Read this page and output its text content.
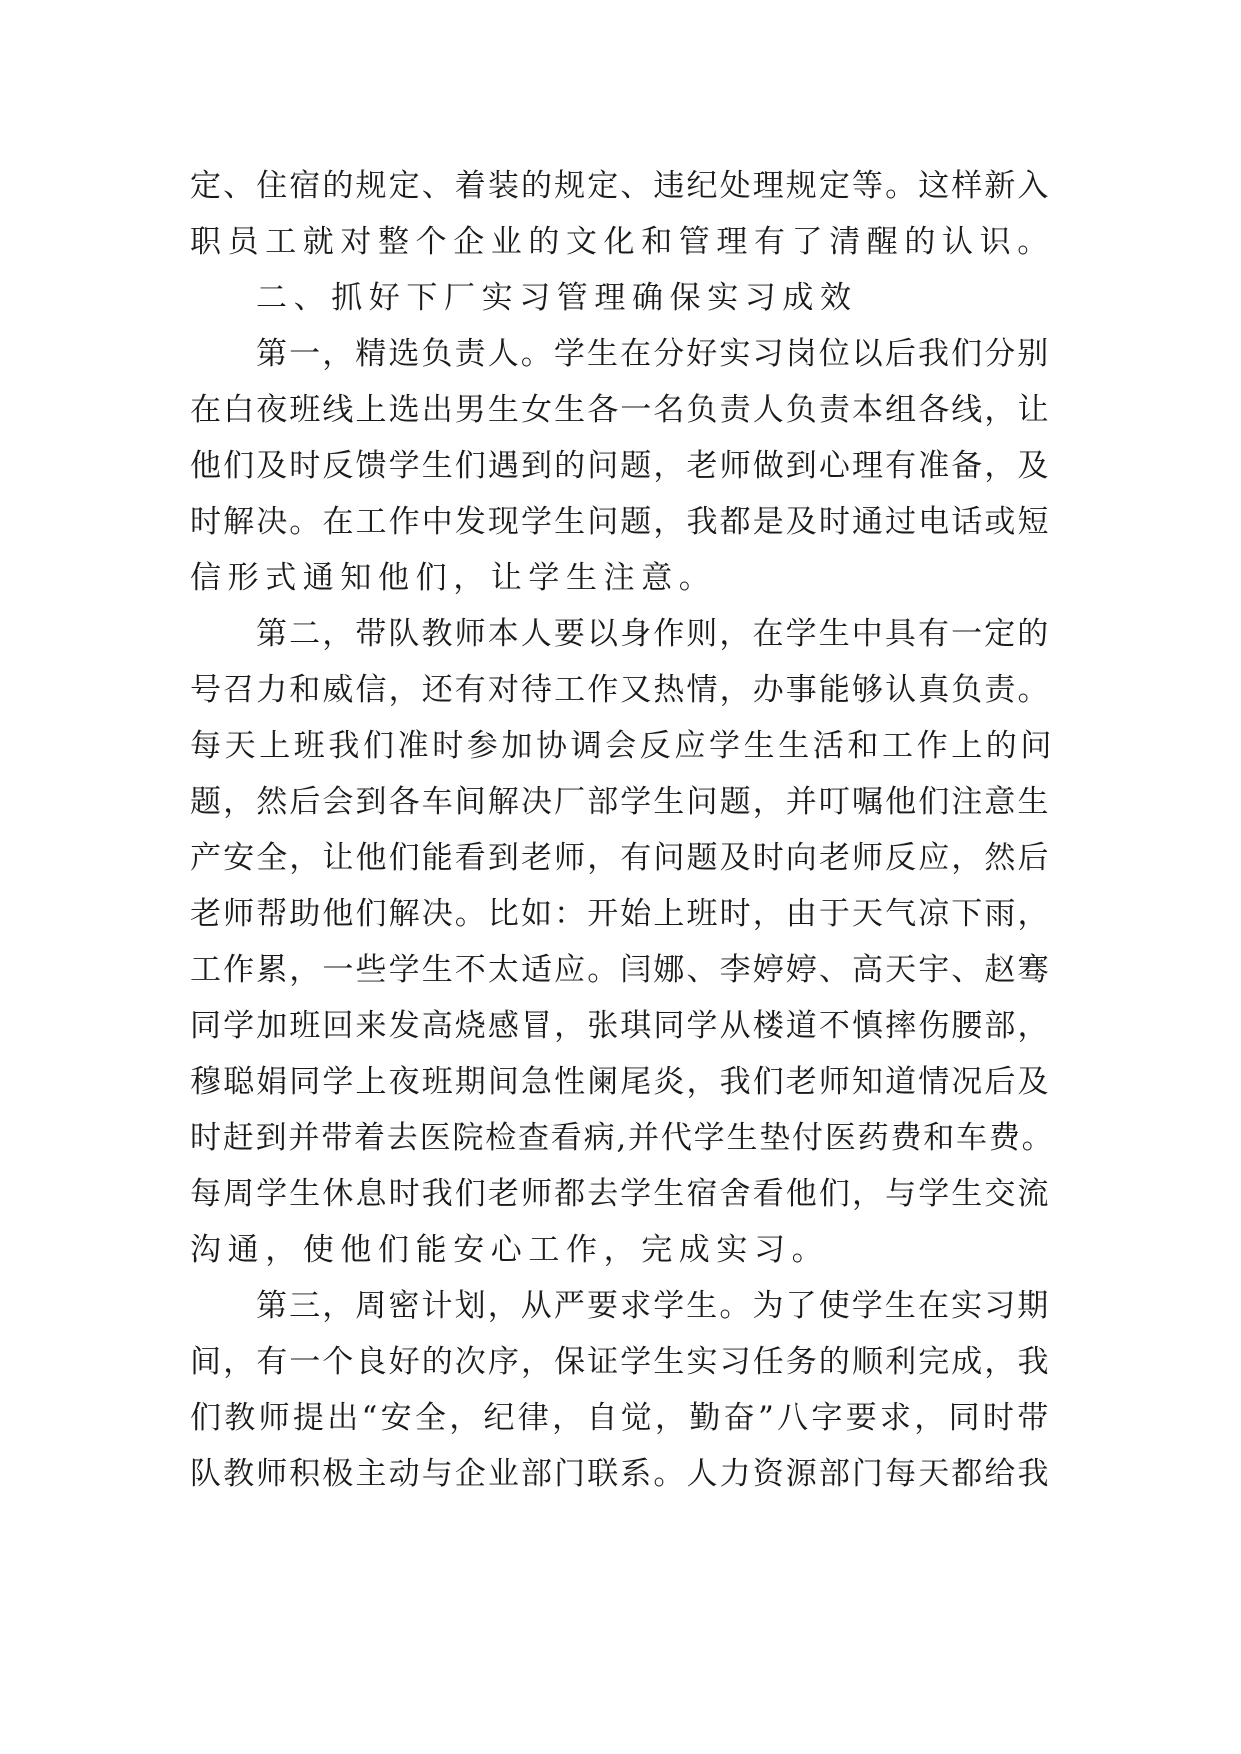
定、住宿的规定、着装的规定、违纪处理规定等。这样新入
职员工就对整个企业的文化和管理有了清醒的认识。
二、抓好下厂实习管理确保实习成效
第一，精选负责人。学生在分好实习岗位以后我们分别
在白夜班线上选出男生女生各一名负责人负责本组各线，让
他们及时反馈学生们遇到的问题，老师做到心理有准备，及
时解决。在工作中发现学生问题，我都是及时通过电话或短
信形式通知他们，让学生注意。
第二，带队教师本人要以身作则，在学生中具有一定的
号召力和威信，还有对待工作又热情，办事能够认真负责。
每天上班我们准时参加协调会反应学生生活和工作上的问
题，然后会到各车间解决厂部学生问题，并叮嘱他们注意生
产安全，让他们能看到老师，有问题及时向老师反应，然后
老师帮助他们解决。比如：开始上班时，由于天气凉下雨，
工作累，一些学生不太适应。闫娜、李婷婷、高天宇、赵骞
同学加班回来发高烧感冒，张琪同学从楼道不慎摔伤腰部，
穆聪娟同学上夜班期间急性阑尾炎，我们老师知道情况后及
时赶到并带着去医院检查看病,并代学生垫付医药费和车费。
每周学生休息时我们老师都去学生宿舍看他们，与学生交流
沟通，使他们能安心工作，完成实习。
第三，周密计划，从严要求学生。为了使学生在实习期
间，有一个良好的次序，保证学生实习任务的顺利完成，我
们教师提出“安全，纪律，自觉，勤奋”八字要求，同时带
队教师积极主动与企业部门联系。人力资源部门每天都给我
